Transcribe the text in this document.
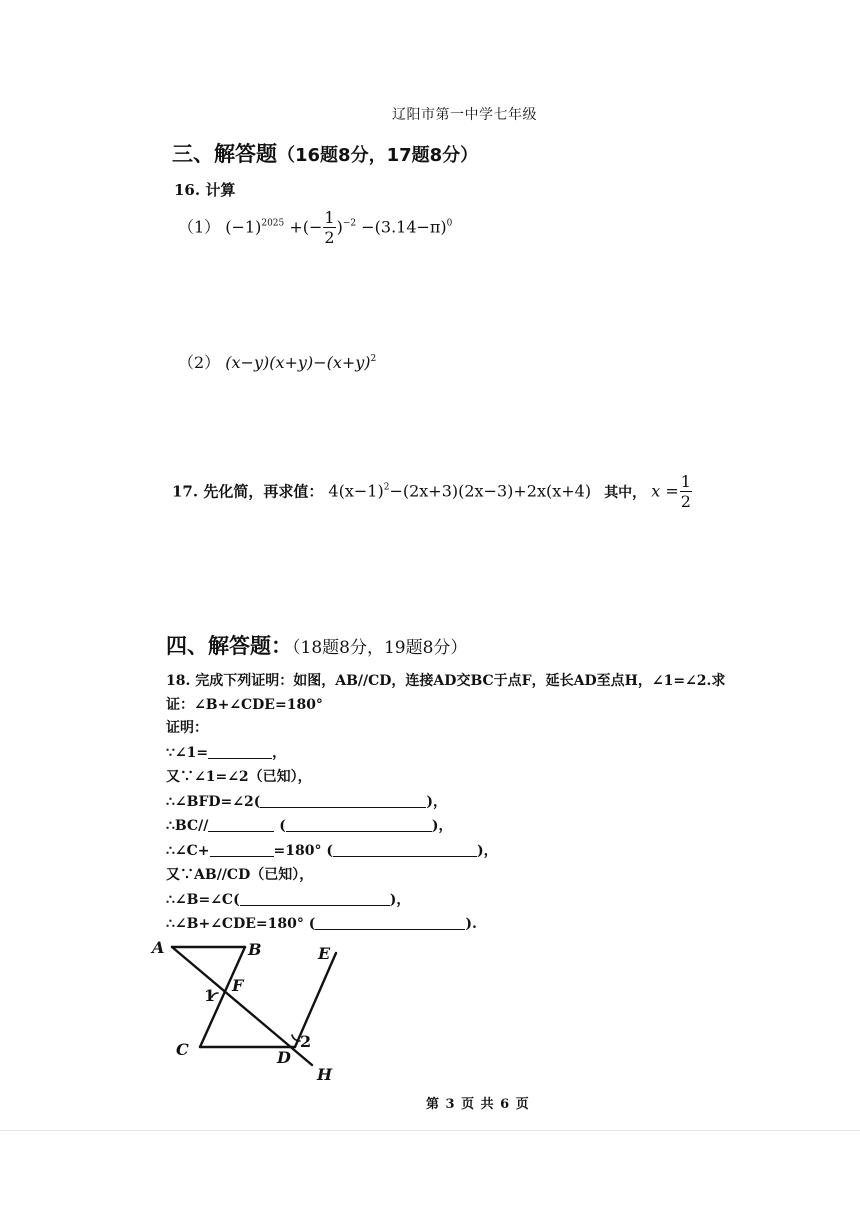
辽阳市第一中学七年级
三、解答题（16题8分，17题8分）
16. 计算
（1） $(-1)^{2025}$ +(− $\frac{1}{2} )^{-2} -(3.14-\pi)^0$
（2） $(x-y)(x+y)-(x+y)^2$
17. 先化简，再求值： $4(x-1)^2-(2x+3)(2x-3)+2x(x+4)$ 其中， $x = \frac{1}{2}$
四、解答题：（18题8分，19题8分）
18. 完成下列证明：如图，AB//CD，连接AD交BC于点F，延长AD至点H，∠1=∠2.求
证：∠B+∠CDE=180°
证明：
∵∠1=	，
又∵∠1=∠2（已知），
∴∠BFD=∠2(	)，
∴BC//	(	)，
∴∠C+	=180° (	)，
又∵AB//CD（已知），
∴∠B=∠C(	)，
∴∠B+∠CDE=180° (	).
A	B
C	D
E
F
H
1
2
第 3 页 共 6 页
